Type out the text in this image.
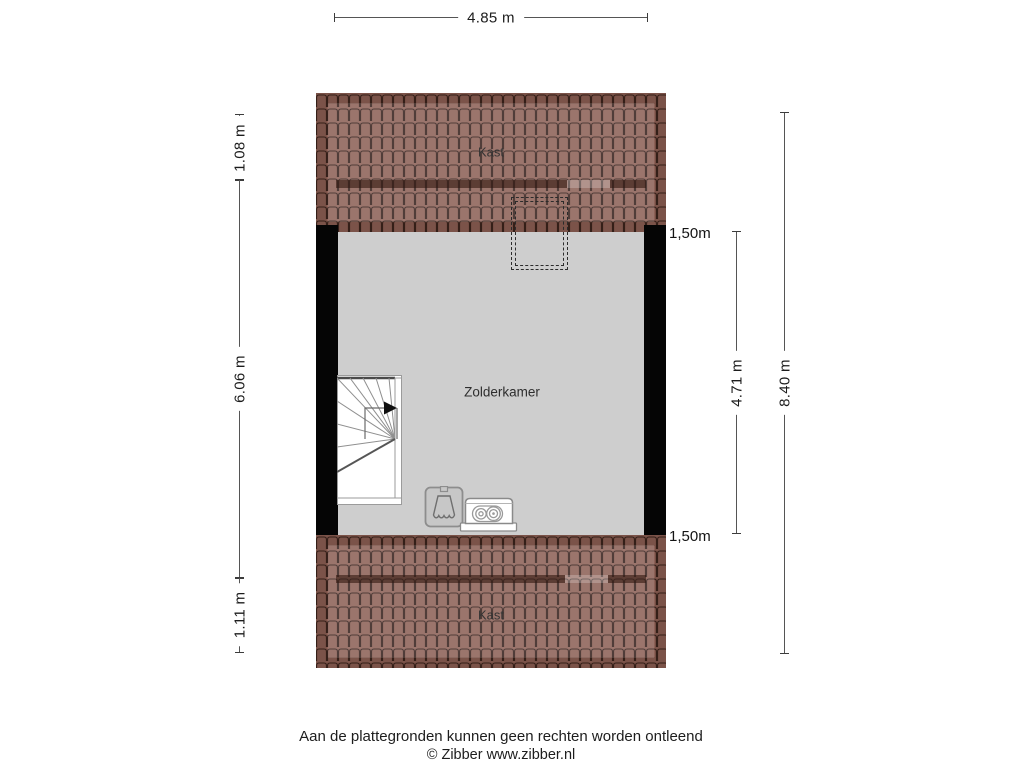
4.85 m
Kast
Zolderkamer
Kast
1,50m
1,50m
1.08 m
6.06 m
1.11 m
4.71 m 8.40 m
Aan de plattegronden kunnen geen rechten worden ontleend
© Zibber www.zibber.nl
